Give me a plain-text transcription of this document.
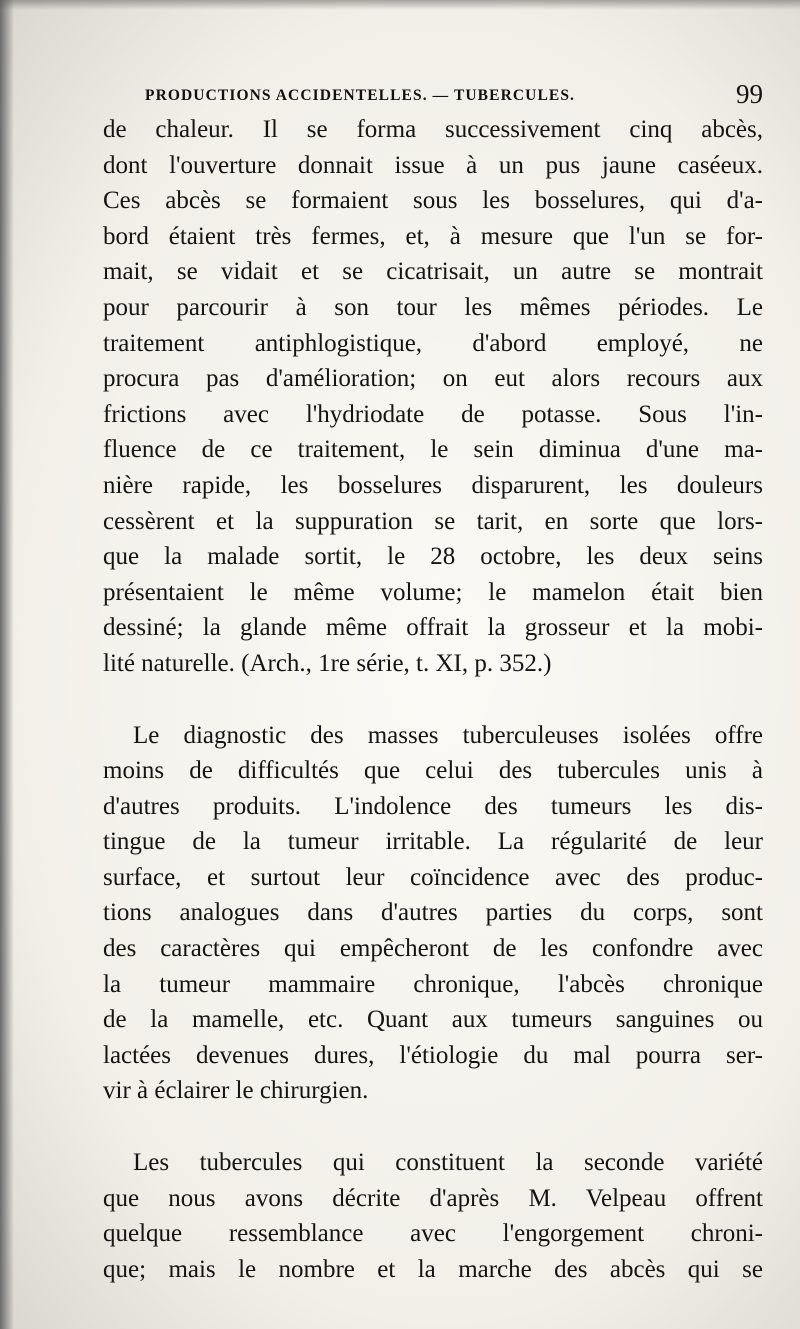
PRODUCTIONS ACCIDENTELLES. — TUBERCULES.	99

de chaleur. Il se forma successivement cinq abcès,
dont l'ouverture donnait issue à un pus jaune caséeux.
Ces abcès se formaient sous les bosselures, qui d'a-
bord étaient très fermes, et, à mesure que l'un se for-
mait, se vidait et se cicatrisait, un autre se montrait
pour parcourir à son tour les mêmes périodes. Le
traitement antiphlogistique, d'abord employé, ne
procura pas d'amélioration; on eut alors recours aux
frictions avec l'hydriodate de potasse. Sous l'in-
fluence de ce traitement, le sein diminua d'une ma-
nière rapide, les bosselures disparurent, les douleurs
cessèrent et la suppuration se tarit, en sorte que lors-
que la malade sortit, le 28 octobre, les deux seins
présentaient le même volume; le mamelon était bien
dessiné; la glande même offrait la grosseur et la mobi-
lité naturelle. (Arch., 1re série, t. XI, p. 352.)

Le diagnostic des masses tuberculeuses isolées offre
moins de difficultés que celui des tubercules unis à
d'autres produits. L'indolence des tumeurs les dis-
tingue de la tumeur irritable. La régularité de leur
surface, et surtout leur coïncidence avec des produc-
tions analogues dans d'autres parties du corps, sont
des caractères qui empêcheront de les confondre avec
la tumeur mammaire chronique, l'abcès chronique
de la mamelle, etc. Quant aux tumeurs sanguines ou
lactées devenues dures, l'étiologie du mal pourra ser-
vir à éclairer le chirurgien.

Les tubercules qui constituent la seconde variété
que nous avons décrite d'après M. Velpeau offrent
quelque ressemblance avec l'engorgement chroni-
que; mais le nombre et la marche des abcès qui se
